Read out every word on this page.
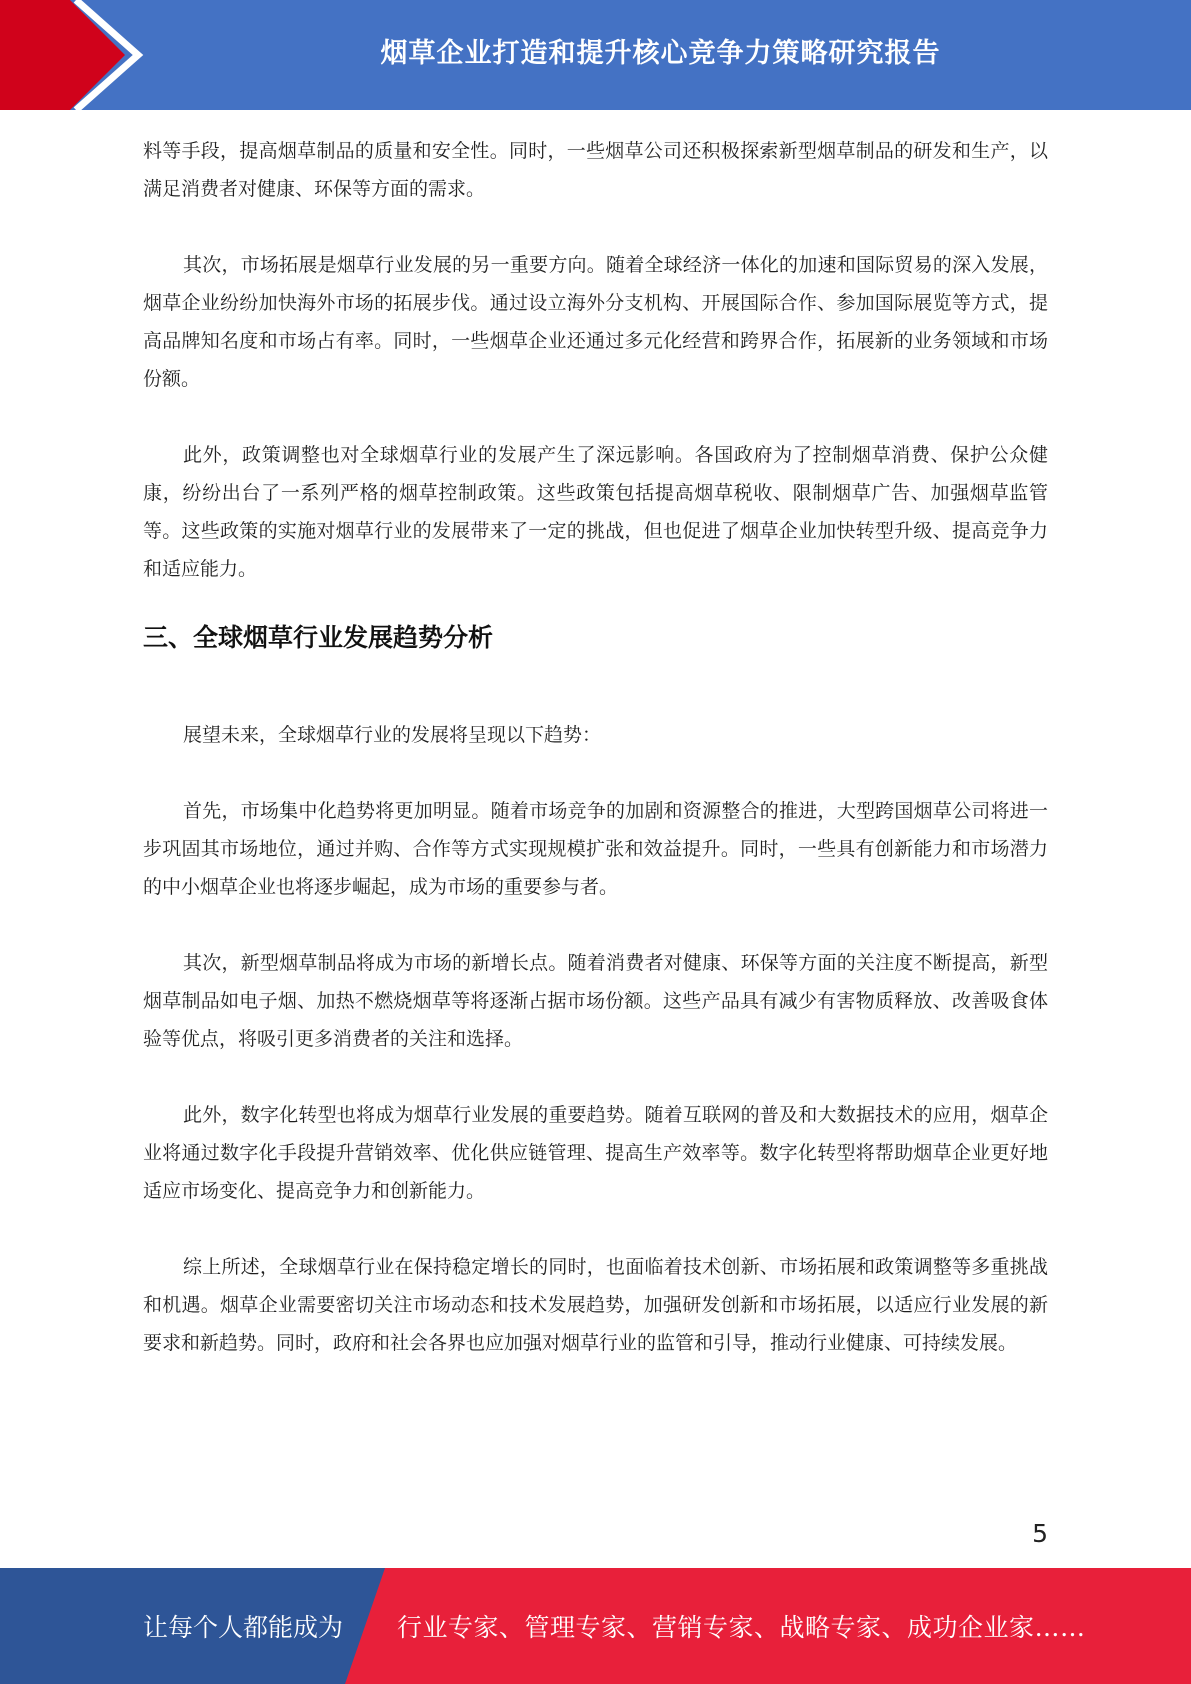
烟草企业打造和提升核心竞争力策略研究报告

料等手段，提高烟草制品的质量和安全性。同时，一些烟草公司还积极探索新型烟草制品的研发和生产，以满足消费者对健康、环保等方面的需求。

其次，市场拓展是烟草行业发展的另一重要方向。随着全球经济一体化的加速和国际贸易的深入发展，烟草企业纷纷加快海外市场的拓展步伐。通过设立海外分支机构、开展国际合作、参加国际展览等方式，提高品牌知名度和市场占有率。同时，一些烟草企业还通过多元化经营和跨界合作，拓展新的业务领域和市场份额。

此外，政策调整也对全球烟草行业的发展产生了深远影响。各国政府为了控制烟草消费、保护公众健康，纷纷出台了一系列严格的烟草控制政策。这些政策包括提高烟草税收、限制烟草广告、加强烟草监管等。这些政策的实施对烟草行业的发展带来了一定的挑战，但也促进了烟草企业加快转型升级、提高竞争力和适应能力。

三、全球烟草行业发展趋势分析

展望未来，全球烟草行业的发展将呈现以下趋势：

首先，市场集中化趋势将更加明显。随着市场竞争的加剧和资源整合的推进，大型跨国烟草公司将进一步巩固其市场地位，通过并购、合作等方式实现规模扩张和效益提升。同时，一些具有创新能力和市场潜力的中小烟草企业也将逐步崛起，成为市场的重要参与者。

其次，新型烟草制品将成为市场的新增长点。随着消费者对健康、环保等方面的关注度不断提高，新型烟草制品如电子烟、加热不燃烧烟草等将逐渐占据市场份额。这些产品具有减少有害物质释放、改善吸食体验等优点，将吸引更多消费者的关注和选择。

此外，数字化转型也将成为烟草行业发展的重要趋势。随着互联网的普及和大数据技术的应用，烟草企业将通过数字化手段提升营销效率、优化供应链管理、提高生产效率等。数字化转型将帮助烟草企业更好地适应市场变化、提高竞争力和创新能力。

综上所述，全球烟草行业在保持稳定增长的同时，也面临着技术创新、市场拓展和政策调整等多重挑战和机遇。烟草企业需要密切关注市场动态和技术发展趋势，加强研发创新和市场拓展，以适应行业发展的新要求和新趋势。同时，政府和社会各界也应加强对烟草行业的监管和引导，推动行业健康、可持续发展。

5
让每个人都能成为 行业专家、管理专家、营销专家、战略专家、成功企业家……
